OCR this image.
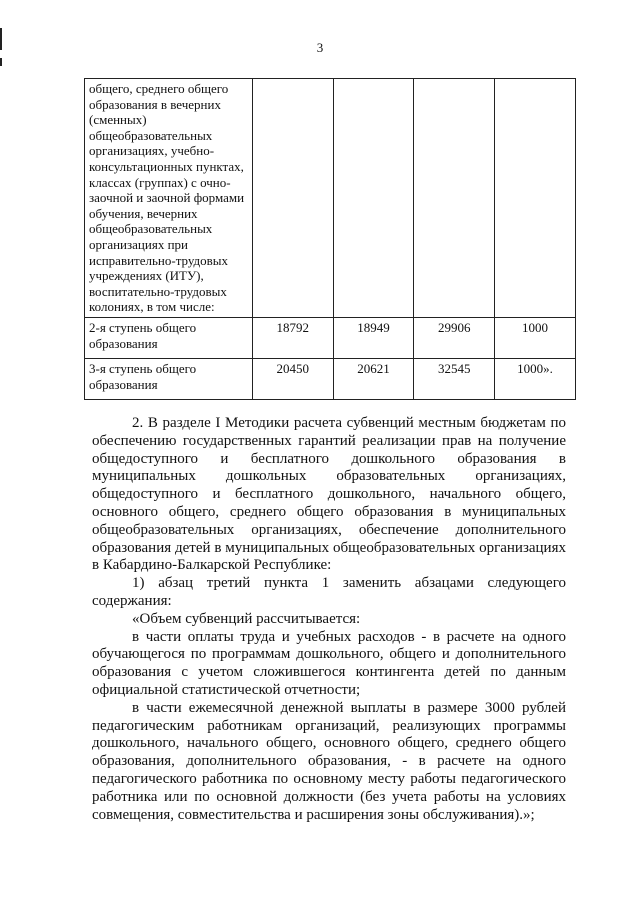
3
общего, среднего общего образования в вечерних (сменных) общеобразовательных организациях, учебно-консультационных пунктах, классах (группах) с очно-заочной и заочной формами обучения, вечерних общеобразовательных организациях при исправительно-трудовых учреждениях (ИТУ), воспитательно-трудовых колониях, в том числе:				
2-я ступень общего образования	18792	18949	29906	1000
3-я ступень общего образования	20450	20621	32545	1000».

2. В разделе I Методики расчета субвенций местным бюджетам по обеспечению государственных гарантий реализации прав на получение общедоступного и бесплатного дошкольного образования в муниципальных дошкольных образовательных организациях, общедоступного и бесплатного дошкольного, начального общего, основного общего, среднего общего образования в муниципальных общеобразовательных организациях, обеспечение дополнительного образования детей в муниципальных общеобразовательных организациях в Кабардино-Балкарской Республике:

1) абзац третий пункта 1 заменить абзацами следующего содержания:

«Объем субвенций рассчитывается:

в части оплаты труда и учебных расходов - в расчете на одного обучающегося по программам дошкольного, общего и дополнительного образования с учетом сложившегося контингента детей по данным официальной статистической отчетности;

в части ежемесячной денежной выплаты в размере 3000 рублей педагогическим работникам организаций, реализующих программы дошкольного, начального общего, основного общего, среднего общего образования, дополнительного образования, - в расчете на одного педагогического работника по основному месту работы педагогического работника или по основной должности (без учета работы на условиях совмещения, совместительства и расширения зоны обслуживания).»;
